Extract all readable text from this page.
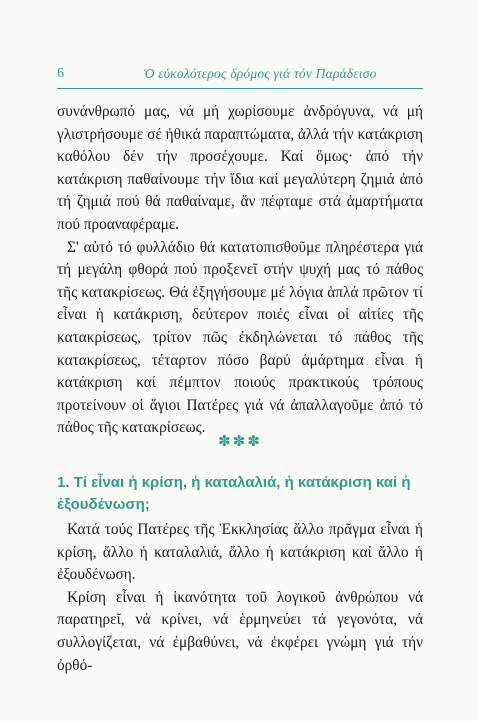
6	Ὁ εὐκολότερος δρόμος γιά τόν Παράδεισο

συνάνθρωπό μας, νά μή χωρίσουμε ἀνδρόγυνα, νά μή γλιστρήσουμε σέ ἠθικά παραπτώματα, ἀλλά τήν κατάκριση καθόλου δέν τήν προσέχουμε. Καί ὅμως· ἀπό τήν κατάκριση παθαίνουμε τήν ἴδια καί μεγαλύτερη ζημιά ἀπό τή ζημιά πού θά παθαίναμε, ἄν πέφταμε στά ἁμαρτήματα πού προαναφέραμε.

Σ' αὐτό τό φυλλάδιο θά κατατοπισθοῦμε πληρέστερα γιά τή μεγάλη φθορά πού προξενεῖ στήν ψυχή μας τό πάθος τῆς κατακρίσεως. Θά ἐξηγήσουμε μέ λόγια ἁπλά πρῶτον τί εἶναι ἡ κατάκριση, δεύτερον ποιές εἶναι οἱ αἰτίες τῆς κατακρίσεως, τρίτον πῶς ἐκδηλώνεται τό πάθος τῆς κατακρίσεως, τέταρτον πόσο βαρύ ἁμάρτημα εἶναι ἡ κατάκριση καί πέμπτον ποιούς πρακτικούς τρόπους προτείνουν οἱ ἅγιοι Πατέρες γιά νά ἀπαλλαγοῦμε ἀπό τό πάθος τῆς κατακρίσεως.

✽✽✽
1. Τί εἶναι ἡ κρίση, ἡ καταλαλιά, ἡ κατάκριση καί ἡ ἐξουδένωση;

Κατά τούς Πατέρες τῆς Ἐκκλησίας ἄλλο πρᾶγμα εἶναι ἡ κρίση, ἄλλο ἡ καταλαλιά, ἄλλο ἡ κατάκριση καί ἄλλο ἡ ἐξουδένωση.

Κρίση εἶναι ἡ ἱκανότητα τοῦ λογικοῦ ἀνθρώπου νά παρατηρεῖ, νά κρίνει, νά ἑρμηνεύει τά γεγονότα, νά συλλογίζεται, νά ἐμβαθύνει, νά ἐκφέρει γνώμη γιά τήν ὀρθό-
